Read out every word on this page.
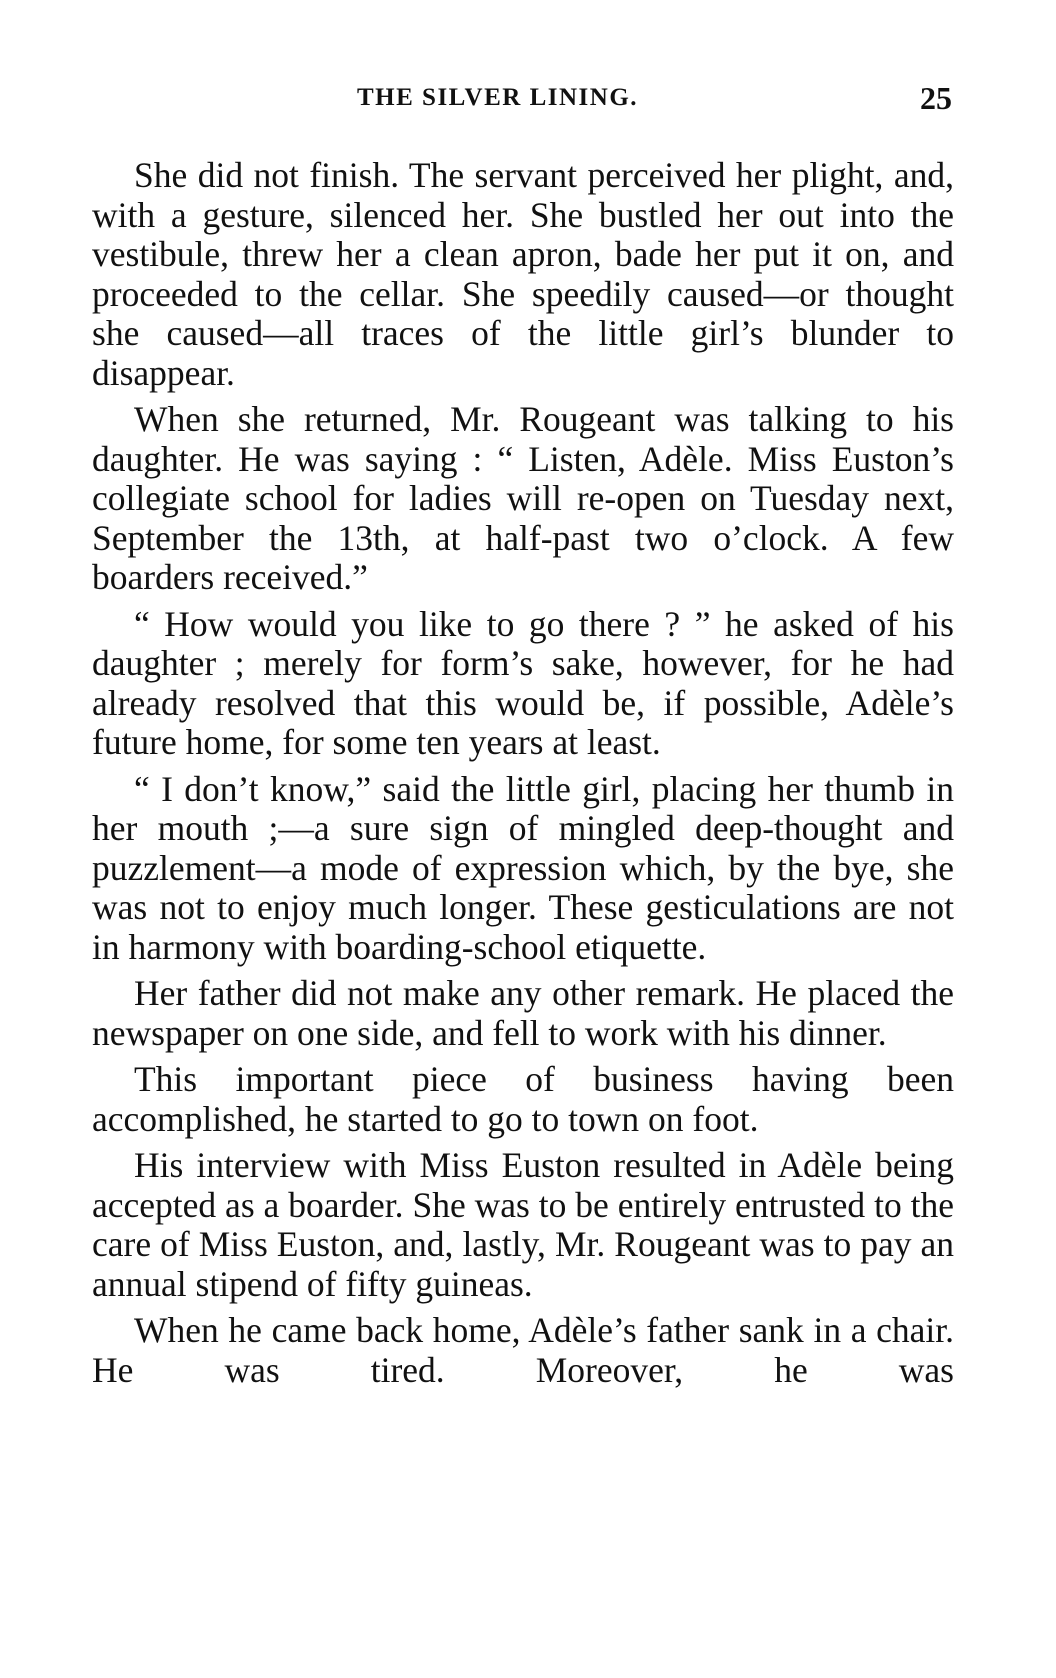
THE SILVER LINING.	25

She did not finish. The servant perceived her plight, and, with a gesture, silenced her. She bustled her out into the vestibule, threw her a clean apron, bade her put it on, and proceeded to the cellar. She speedily caused—or thought she caused—all traces of the little girl’s blunder to disappear.

When she returned, Mr. Rougeant was talking to his daughter. He was saying : “ Listen, Adèle. Miss Euston’s collegiate school for ladies will re-open on Tuesday next, September the 13th, at half-past two o’clock. A few boarders received.”

“ How would you like to go there ? ” he asked of his daughter ; merely for form’s sake, however, for he had already resolved that this would be, if possible, Adèle’s future home, for some ten years at least.

“ I don’t know,” said the little girl, placing her thumb in her mouth ;—a sure sign of mingled deep-thought and puzzlement—a mode of expression which, by the bye, she was not to enjoy much longer. These gesticulations are not in harmony with boarding-school etiquette.

Her father did not make any other remark. He placed the newspaper on one side, and fell to work with his dinner.

This important piece of business having been accomplished, he started to go to town on foot.

His interview with Miss Euston resulted in Adèle being accepted as a boarder. She was to be entirely entrusted to the care of Miss Euston, and, lastly, Mr. Rougeant was to pay an annual stipend of fifty guineas.

When he came back home, Adèle’s father sank in a chair. He was tired. Moreover, he was
